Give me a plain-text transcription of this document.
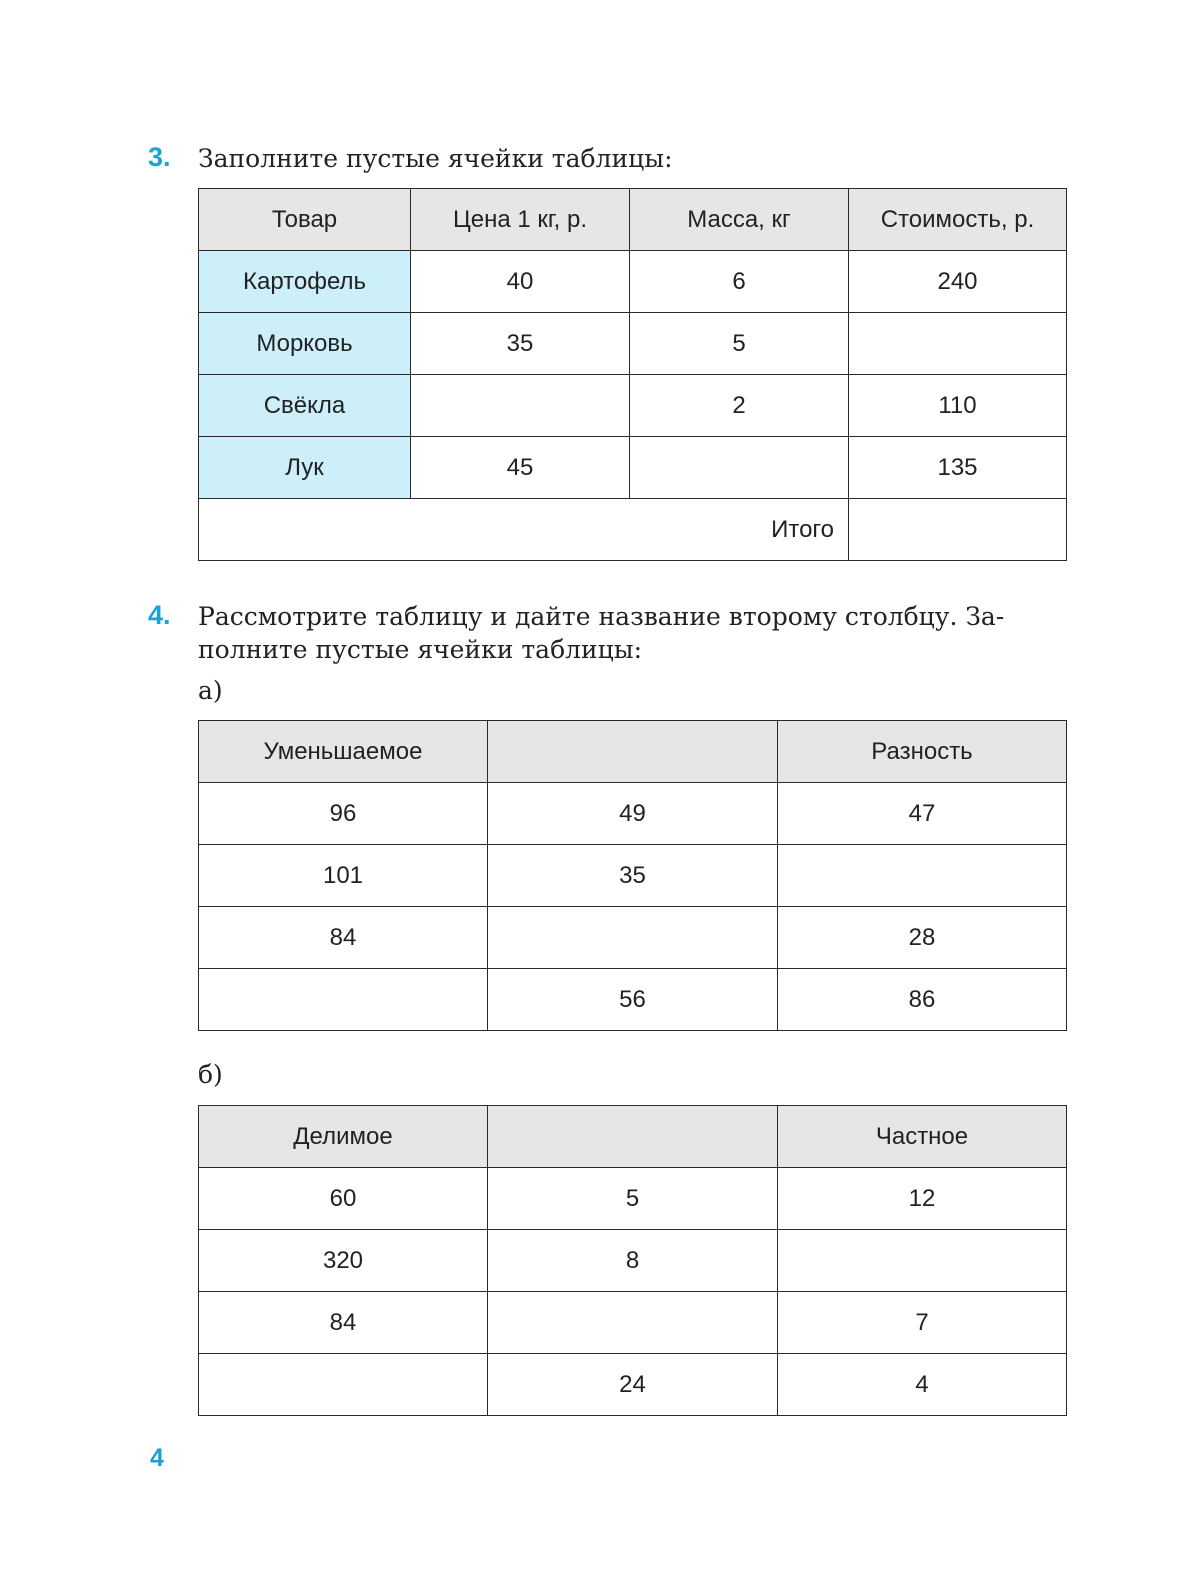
3. Заполните пустые ячейки таблицы:
Товар	Цена 1 кг, р.	Масса, кг	Стоимость, р.
Картофель	40	6	240
Морковь	35	5	
Свёкла		2	110
Лук	45		135
Итого			
4. Рассмотрите таблицу и дайте название второму столбцу. За-
полните пустые ячейки таблицы:
а)
Уменьшаемое		Разность
96	49	47
101	35	
84		28
	56	86
б)
Делимое		Частное
60	5	12
320	8	
84		7
	24	4
4
